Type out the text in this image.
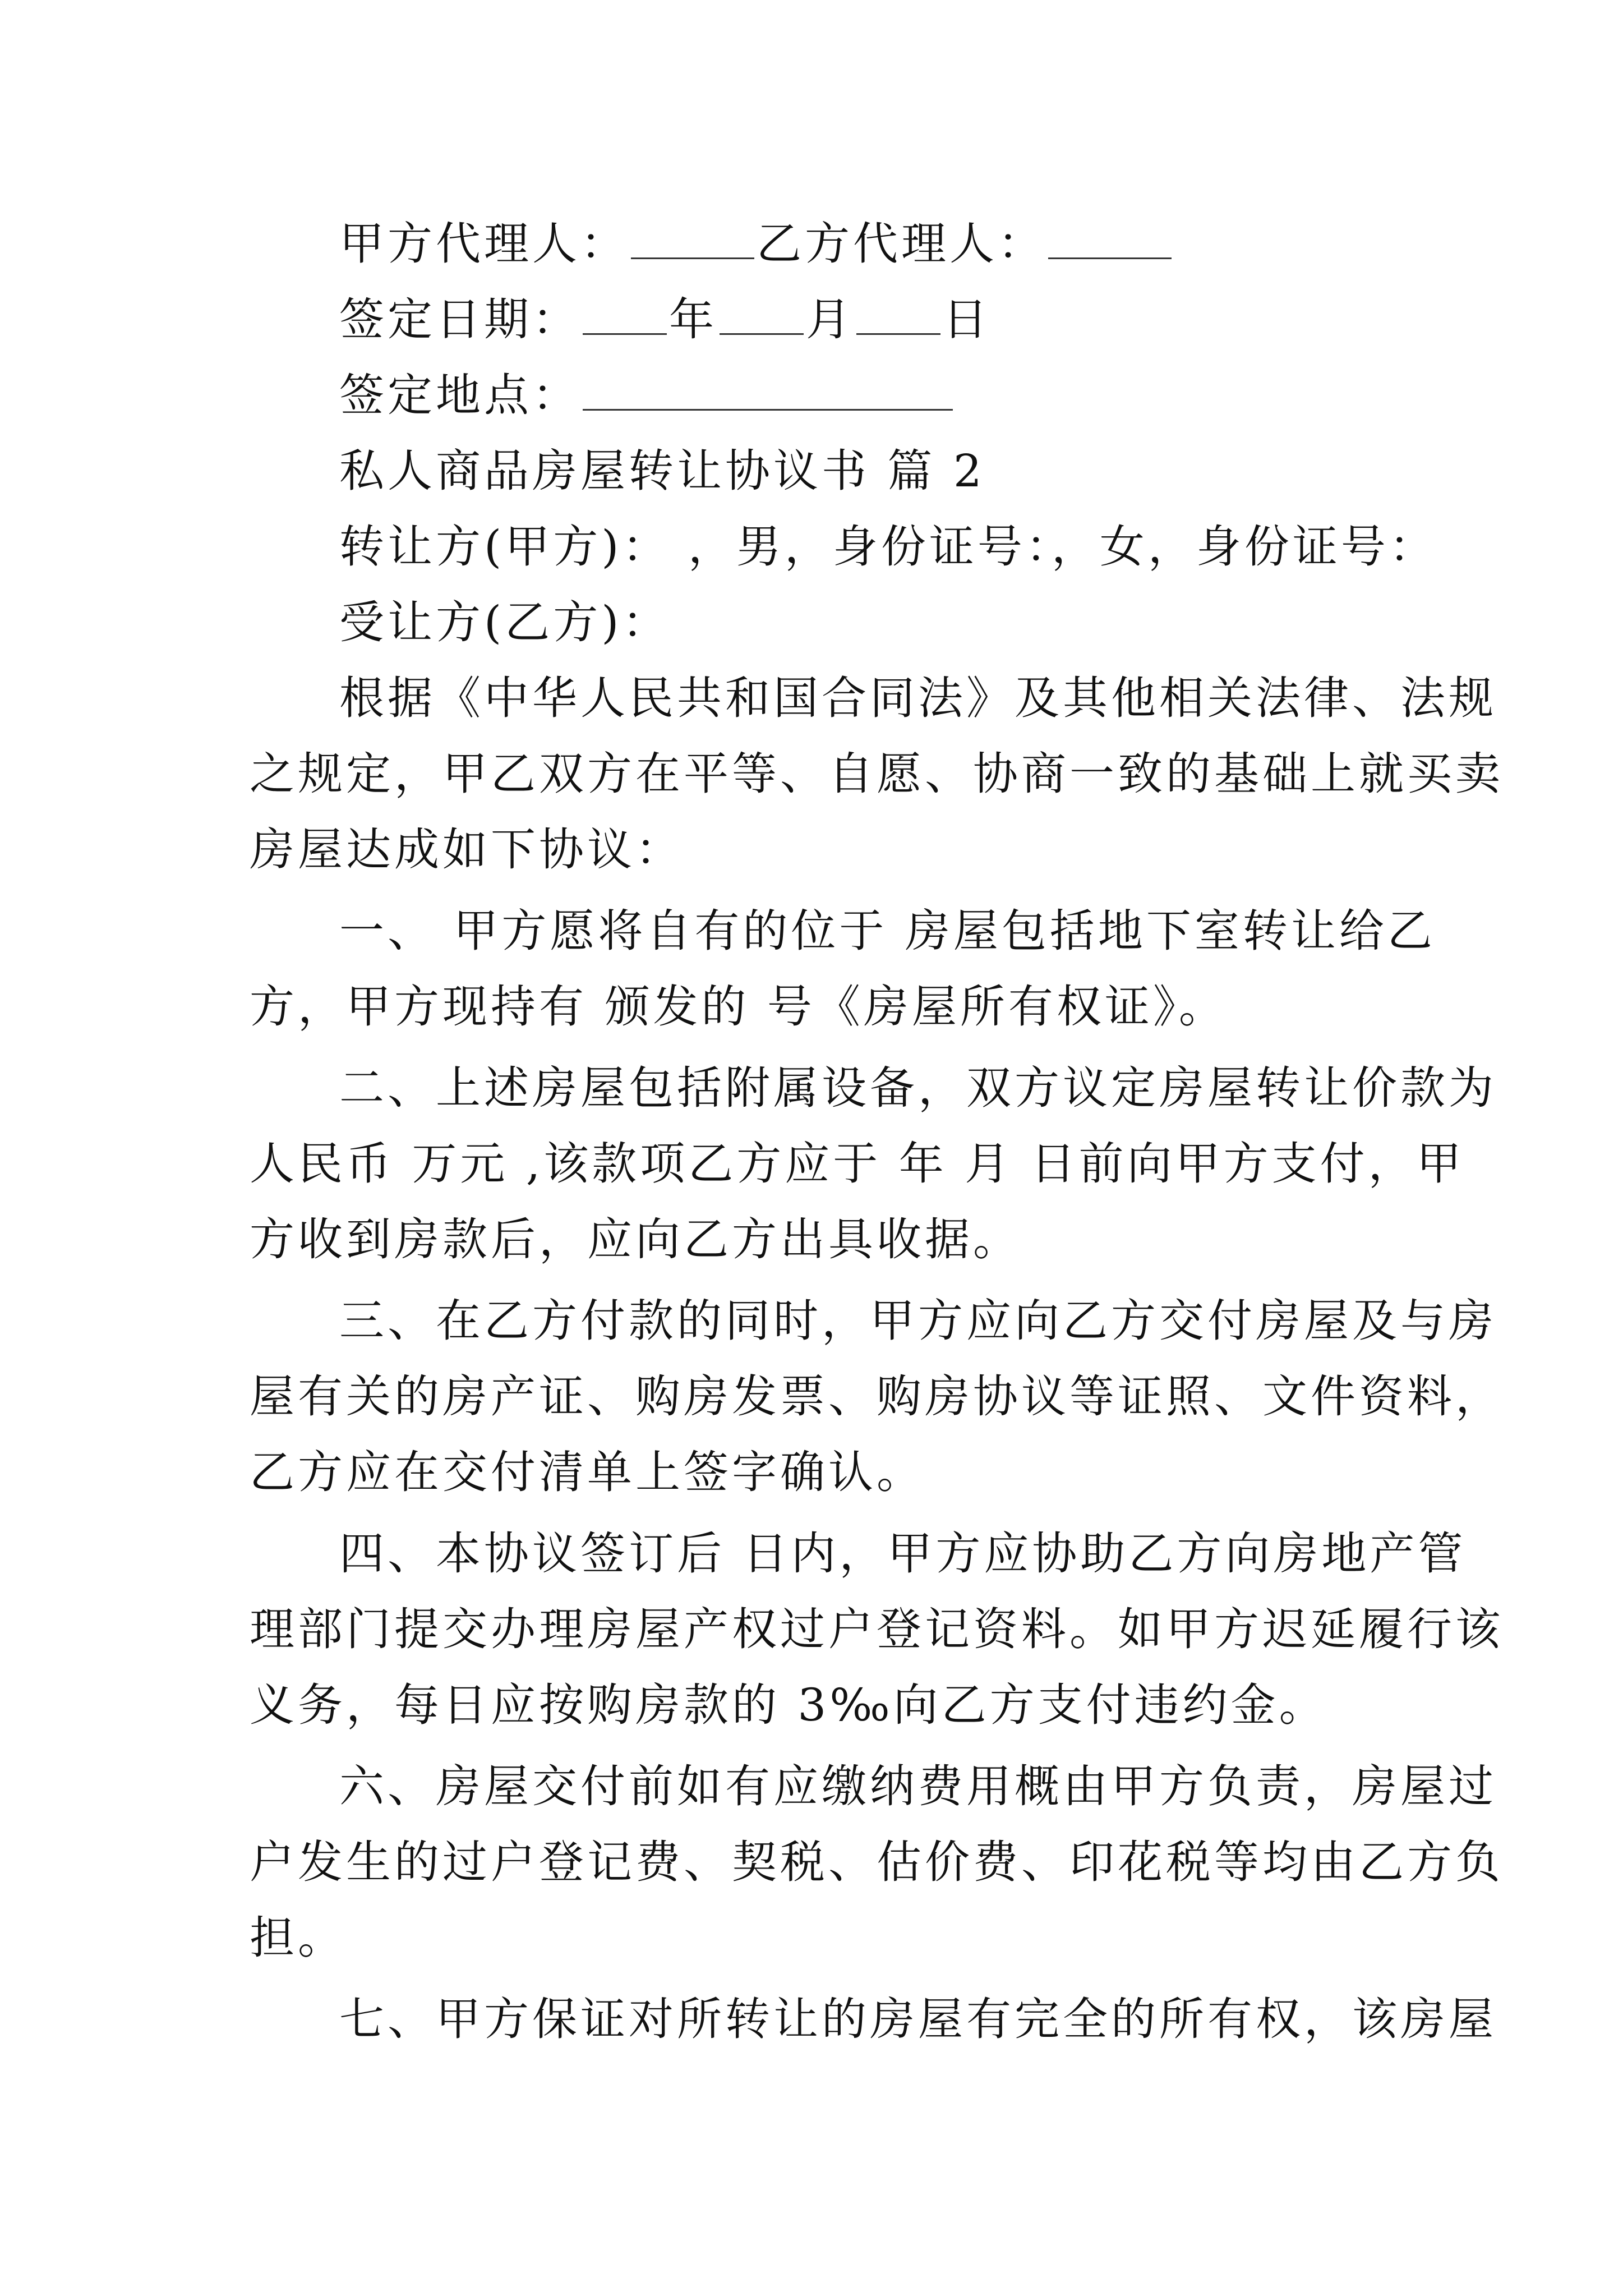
甲方代理人：	乙方代理人：
签定日期： 年 月 日
签定地点：
私人商品房屋转让协议书 篇 2
转让方(甲方)： ，男，身份证号：，女，身份证号：
受让方(乙方)：
根据《中华人民共和国合同法》及其他相关法律、法规
之规定，甲乙双方在平等、自愿、协商一致的基础上就买卖
房屋达成如下协议：
一、 甲方愿将自有的位于 房屋包括地下室转让给乙
方，甲方现持有 颁发的 号《房屋所有权证》。
二、上述房屋包括附属设备，双方议定房屋转让价款为
人民币 万元 ,该款项乙方应于 年 月 日前向甲方支付，甲
方收到房款后，应向乙方出具收据。
三、在乙方付款的同时，甲方应向乙方交付房屋及与房
屋有关的房产证、购房发票、购房协议等证照、文件资料，
乙方应在交付清单上签字确认。
四、本协议签订后 日内，甲方应协助乙方向房地产管
理部门提交办理房屋产权过户登记资料。如甲方迟延履行该
义务，每日应按购房款的 3‰向乙方支付违约金。
六、房屋交付前如有应缴纳费用概由甲方负责，房屋过
户发生的过户登记费、契税、估价费、印花税等均由乙方负
担。
七、甲方保证对所转让的房屋有完全的所有权，该房屋
